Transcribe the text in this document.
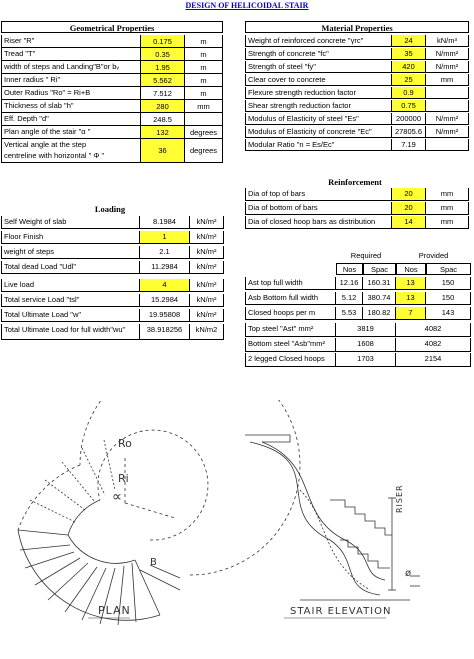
DESIGN OF HELICOIDAL STAIR
Geometrical Properties
Riser "R"	0.175	m
Tread "T"	0.35	m
width of steps and Landing"B"or bᵥ	1.95	m
Inner radius " Ri"	5.562	m
Outer Radius "Ro" = Ri+B	7.512	m
Thickness of slab "h"	280	mm
Eff. Depth "d"	248.5
Plan angle of the stair "α "	132	degrees
Vertical angle at the step
centreline with horizontal " Φ "
36	degrees
Material Properties
Weight of reinforced concrete "γrc"	24	kN/m³
Strength of concrete "fc"	35	N/mm²
Strength of steel "fy"	420	N/mm²
Clear cover to concrete	25	mm
Flexure strength reduction factor	0.9
Shear strength reduction factor	0.75
Modulus of Elasticity of steel "Es"	200000	N/mm²
Modulus of Elasticity of concrete "Ec"	27805.6	N/mm²
Modular Ratio "n = Es/Ec"	7.19
Reinforcement
Dia of top of bars	20	mm
Dia of bottom of bars	20	mm
Dia of closed hoop bars as distribution	14	mm
Loading
Self Weight of slab	8.1984	kN/m²
Floor Finish	1	kN/m²
weight of steps	2.1	kN/m²
Total dead Load "Udl"	11.2984	kN/m²
Live load	4	kN/m²
Total service Load "tsl"	15.2984	kN/m²
Total Ultimate Load "w"	19.95808	kN/m²
Total Ultimate Load for full width"wu"	38.918256	kN/m2
Required	Provided
Nos	Spac	Nos	Spac
Ast top full width	12.16	160.31	13	150
Asb Bottom full width	5.12	380.74	13	150
Closed hoops per m	5.53	180.82	7	143
Top steel "Ast" mm²	3819	4082
Bottom steel "Asb"mm²	1608	4082
2 legged Closed hoops	1703	2154
Ro
Ri
∝
B
PLAN
RISER
ø
STAIR ELEVATION
